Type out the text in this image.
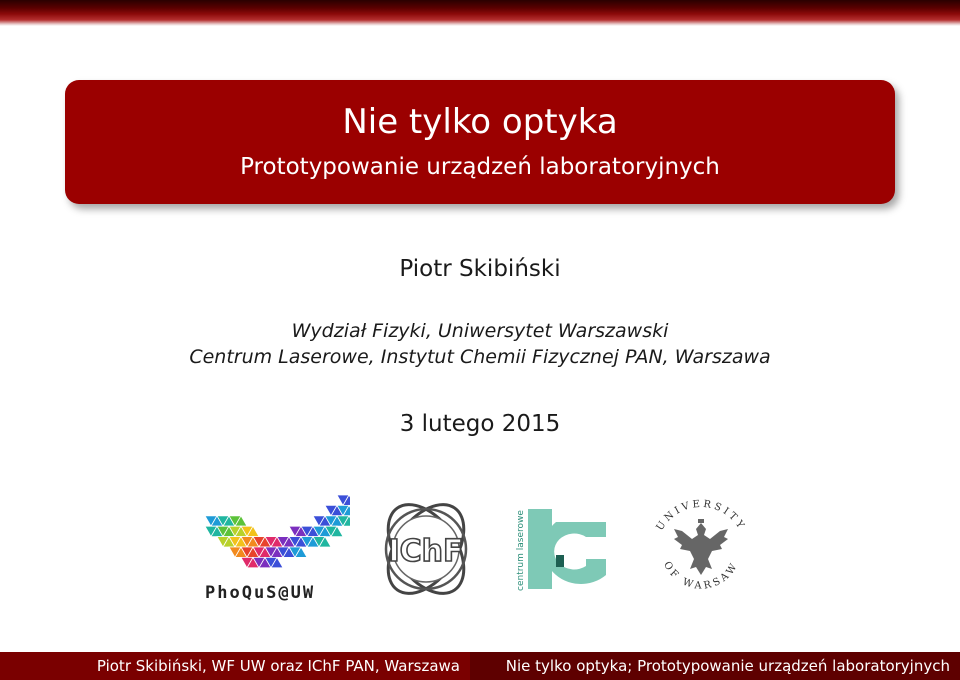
Nie tylko optyka
Prototypowanie urządzeń laboratoryjnych
Piotr Skibiński
Wydział Fizyki, Uniwersytet Warszawski
Centrum Laserowe, Instytut Chemii Fizycznej PAN, Warszawa
3 lutego 2015
PhoQuS@UW
IChF	centrum laserowe	UNIVERSITY
OF WARSAW
Piotr Skibiński, WF UW oraz IChF PAN, Warszawa	Nie tylko optyka; Prototypowanie urządzeń laboratoryjnych
